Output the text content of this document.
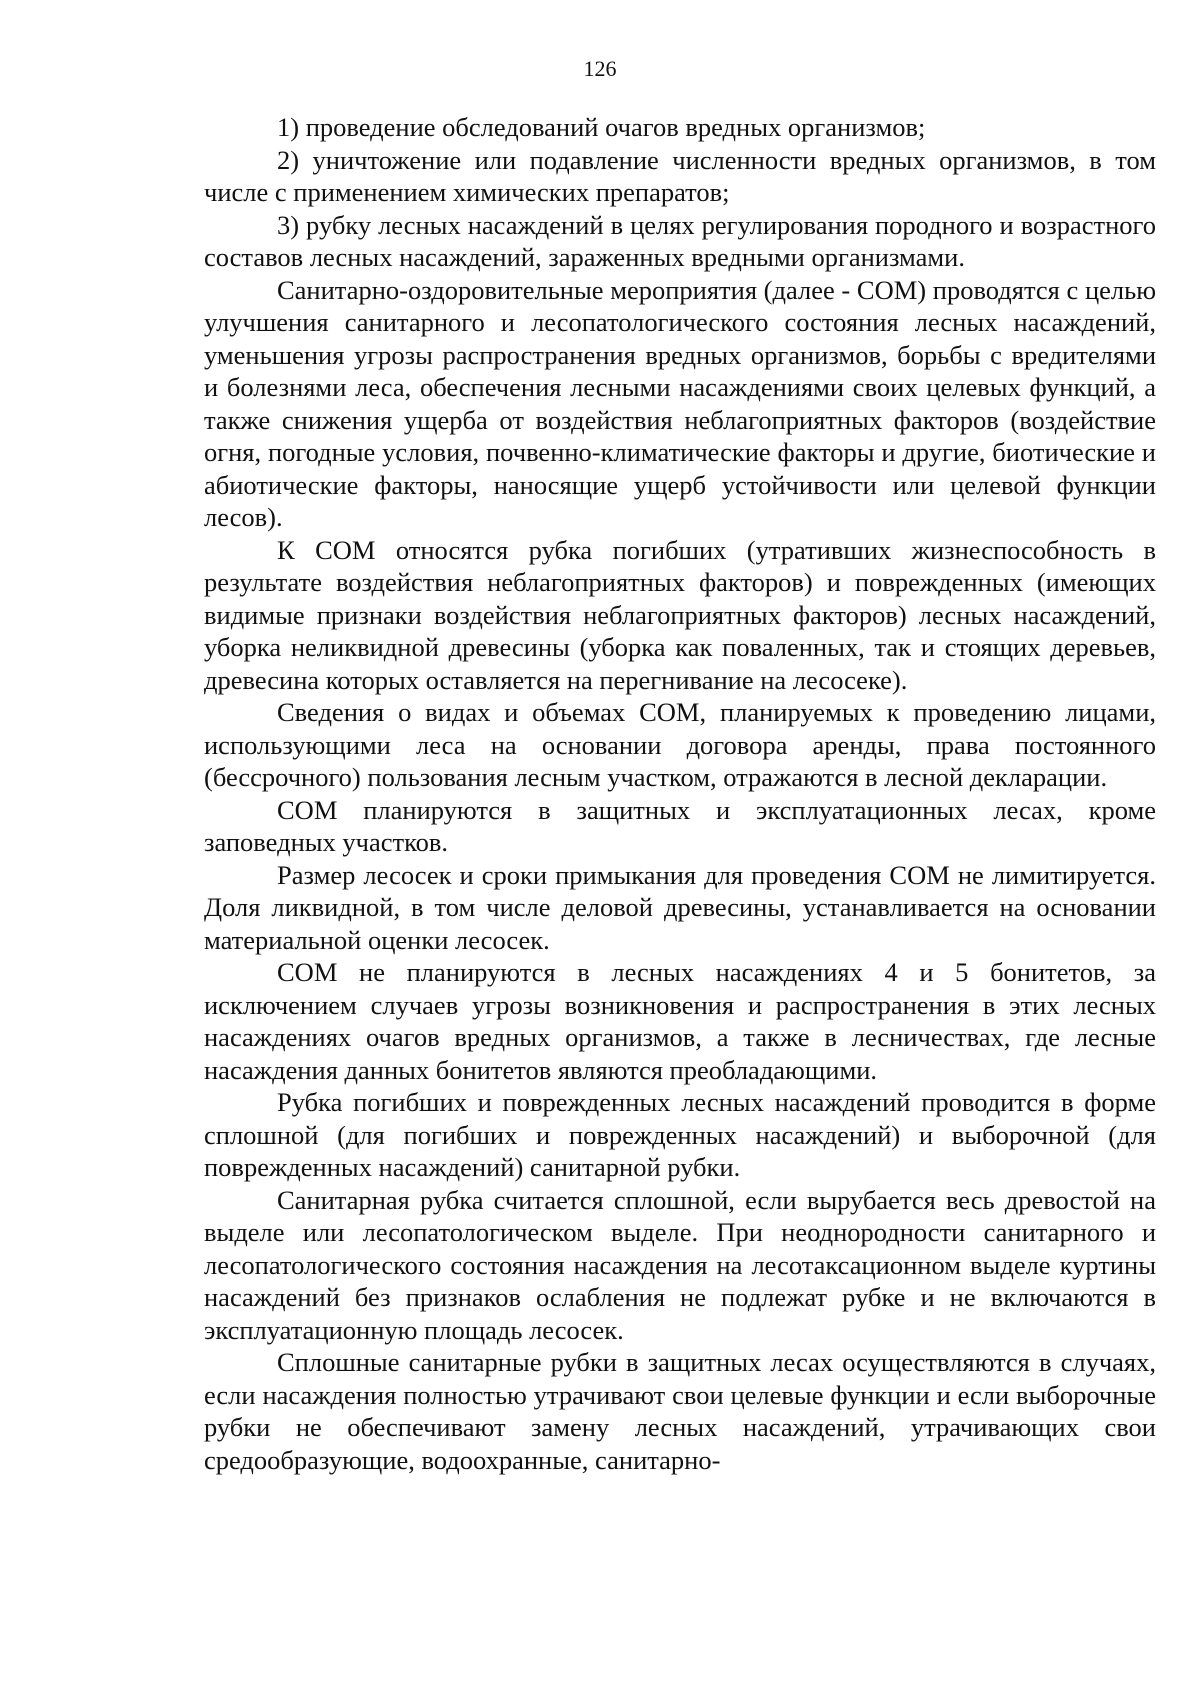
126

1) проведение обследований очагов вредных организмов;

2) уничтожение или подавление численности вредных организмов, в том числе с применением химических препаратов;

3) рубку лесных насаждений в целях регулирования породного и возрастного составов лесных насаждений, зараженных вредными организмами.

Санитарно-оздоровительные мероприятия (далее - СОМ) проводятся с целью улучшения санитарного и лесопатологического состояния лесных насаждений, уменьшения угрозы распространения вредных организмов, борьбы с вредителями и болезнями леса, обеспечения лесными насаждениями своих целевых функций, а также снижения ущерба от воздействия неблагоприятных факторов (воздействие огня, погодные условия, почвенно-климатические факторы и другие, биотические и абиотические факторы, наносящие ущерб устойчивости или целевой функции лесов).

К СОМ относятся рубка погибших (утративших жизнеспособность в результате воздействия неблагоприятных факторов) и поврежденных (имеющих видимые признаки воздействия неблагоприятных факторов) лесных насаждений, уборка неликвидной древесины (уборка как поваленных, так и стоящих деревьев, древесина которых оставляется на перегнивание на лесосеке).

Сведения о видах и объемах СОМ, планируемых к проведению лицами, использующими леса на основании договора аренды, права постоянного (бессрочного) пользования лесным участком, отражаются в лесной декларации.

СОМ планируются в защитных и эксплуатационных лесах, кроме заповедных участков.

Размер лесосек и сроки примыкания для проведения СОМ не лимитируется. Доля ликвидной, в том числе деловой древесины, устанавливается на основании материальной оценки лесосек.

СОМ не планируются в лесных насаждениях 4 и 5 бонитетов, за исключением случаев угрозы возникновения и распространения в этих лесных насаждениях очагов вредных организмов, а также в лесничествах, где лесные насаждения данных бонитетов являются преобладающими.

Рубка погибших и поврежденных лесных насаждений проводится в форме сплошной (для погибших и поврежденных насаждений) и выборочной (для поврежденных насаждений) санитарной рубки.

Санитарная рубка считается сплошной, если вырубается весь древостой на выделе или лесопатологическом выделе. При неоднородности санитарного и лесопатологического состояния насаждения на лесотаксационном выделе куртины насаждений без признаков ослабления не подлежат рубке и не включаются в эксплуатационную площадь лесосек.

Сплошные санитарные рубки в защитных лесах осуществляются в случаях, если насаждения полностью утрачивают свои целевые функции и если выборочные рубки не обеспечивают замену лесных насаждений, утрачивающих свои средообразующие, водоохранные, санитарно-
